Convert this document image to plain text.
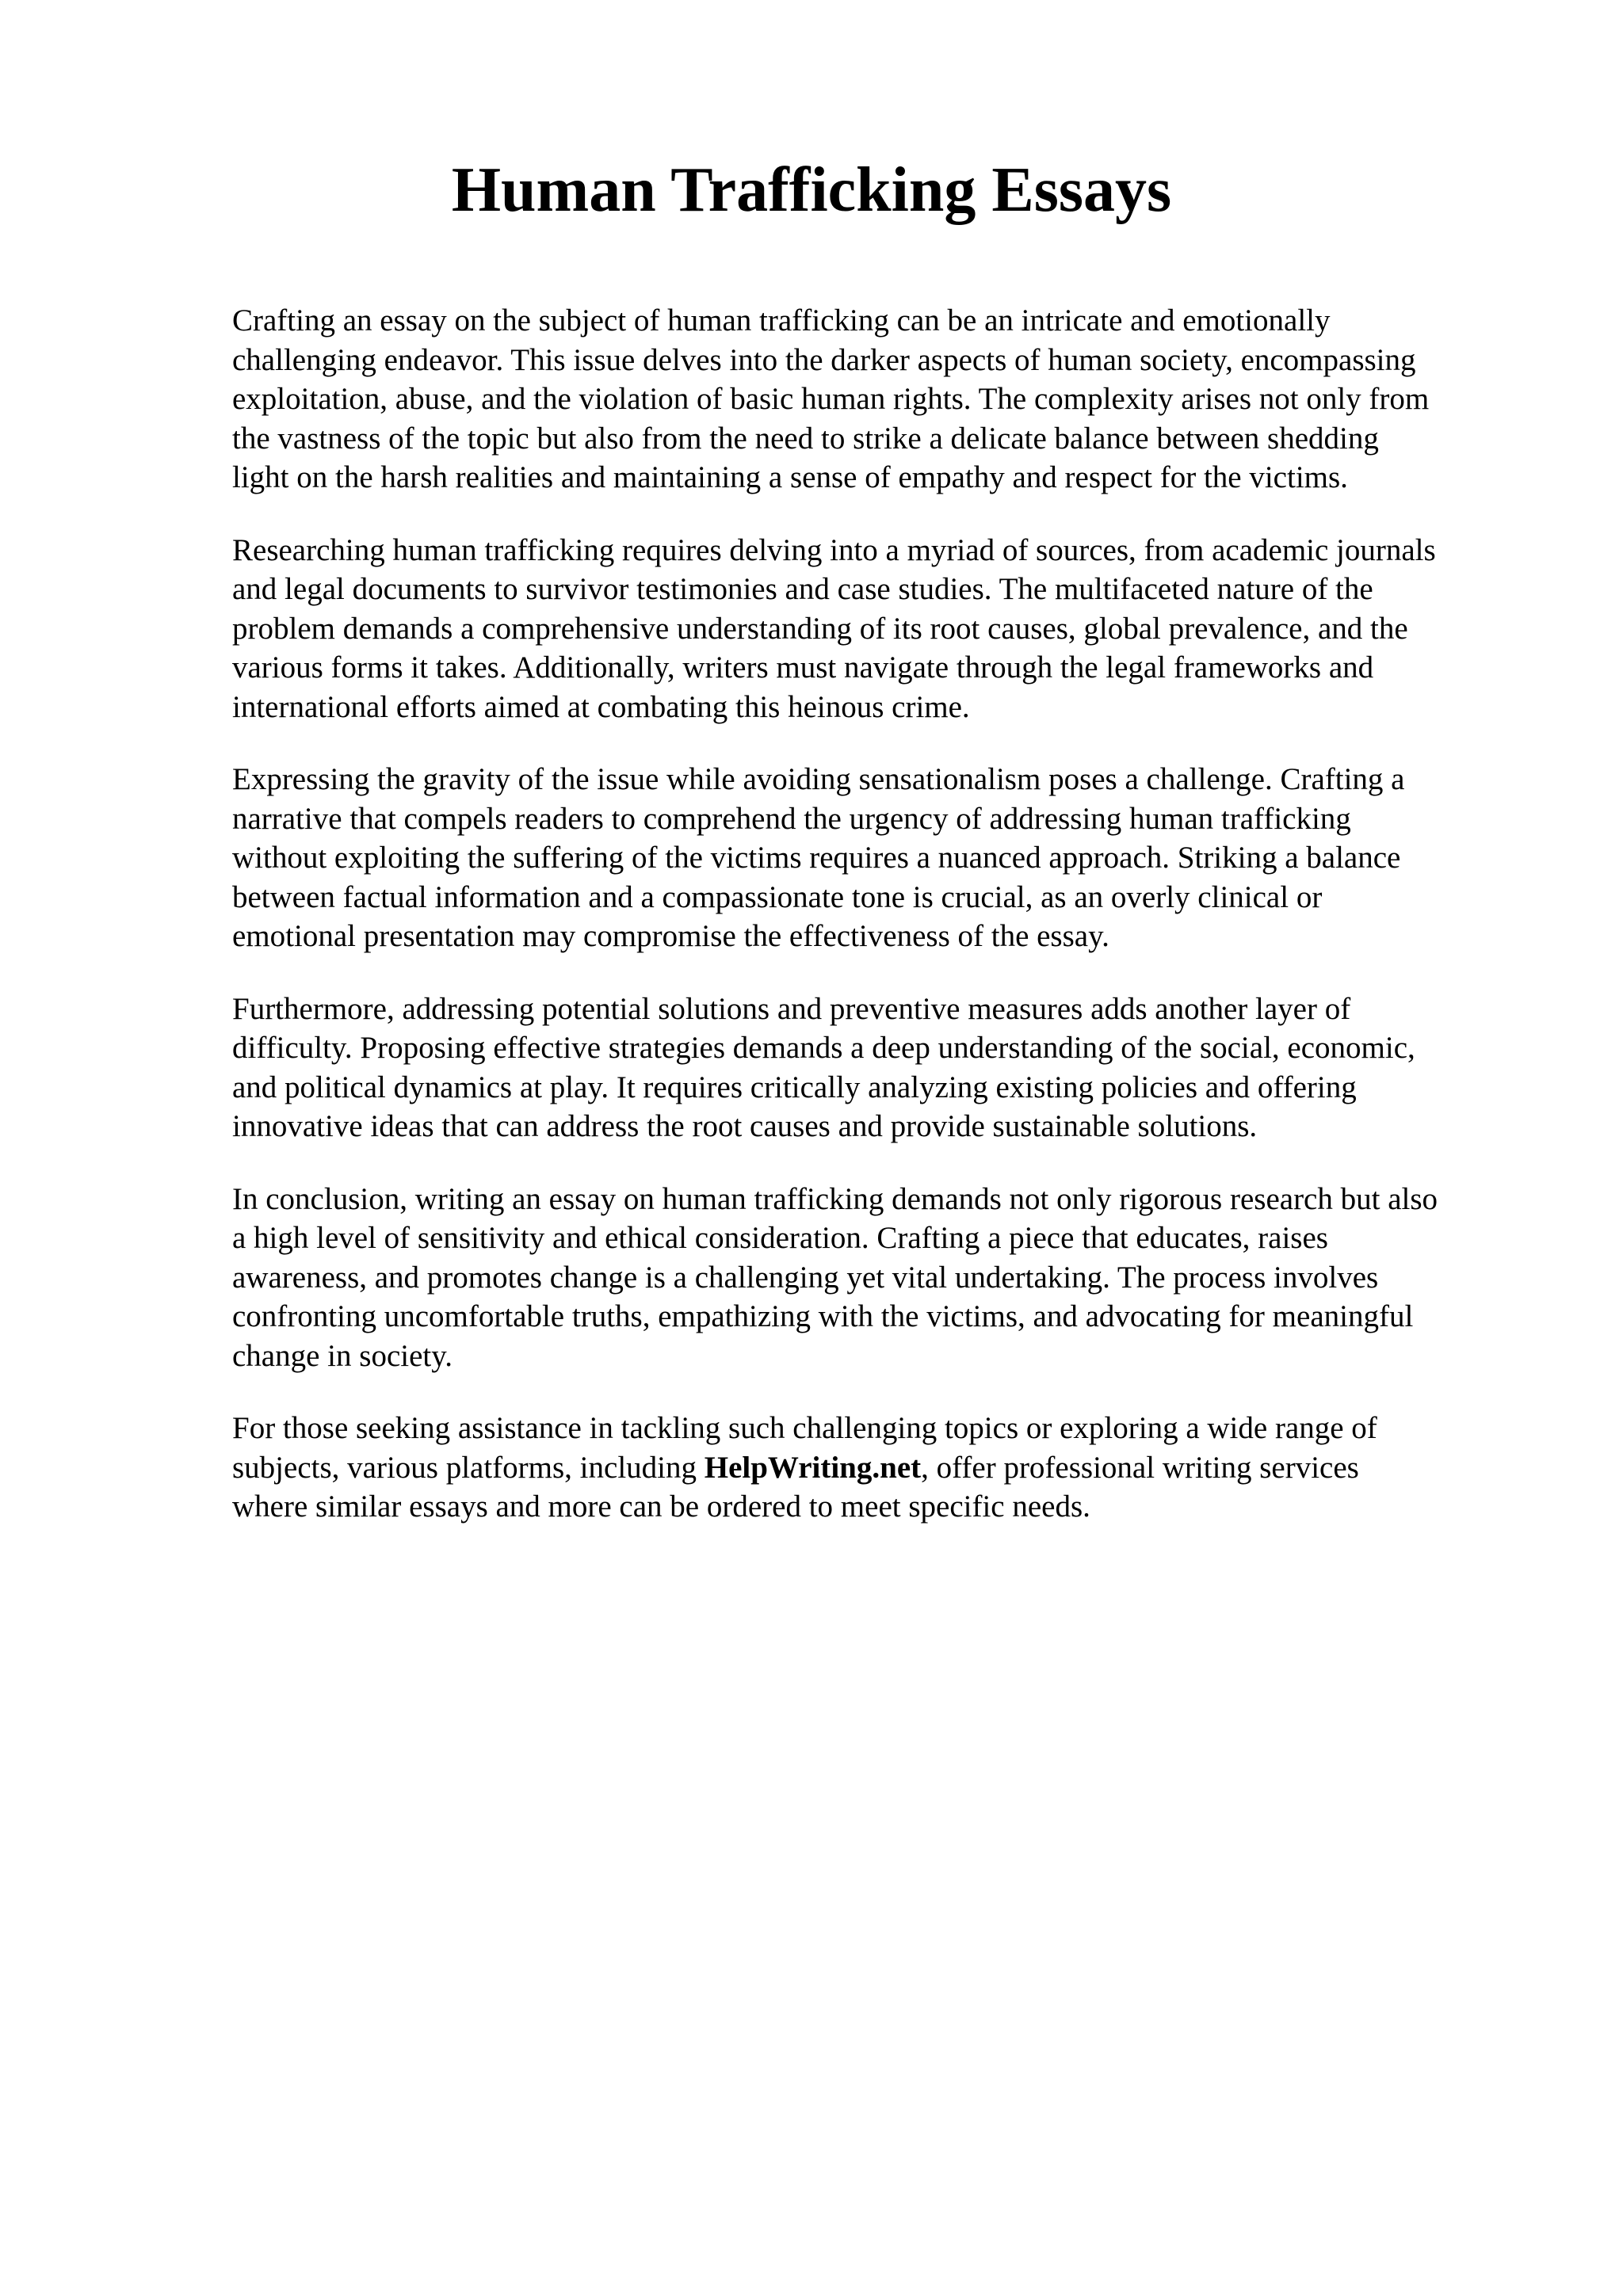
Human Trafficking Essays

Crafting an essay on the subject of human trafficking can be an intricate and emotionally
challenging endeavor. This issue delves into the darker aspects of human society, encompassing
exploitation, abuse, and the violation of basic human rights. The complexity arises not only from
the vastness of the topic but also from the need to strike a delicate balance between shedding
light on the harsh realities and maintaining a sense of empathy and respect for the victims.

Researching human trafficking requires delving into a myriad of sources, from academic journals
and legal documents to survivor testimonies and case studies. The multifaceted nature of the
problem demands a comprehensive understanding of its root causes, global prevalence, and the
various forms it takes. Additionally, writers must navigate through the legal frameworks and
international efforts aimed at combating this heinous crime.

Expressing the gravity of the issue while avoiding sensationalism poses a challenge. Crafting a
narrative that compels readers to comprehend the urgency of addressing human trafficking
without exploiting the suffering of the victims requires a nuanced approach. Striking a balance
between factual information and a compassionate tone is crucial, as an overly clinical or
emotional presentation may compromise the effectiveness of the essay.

Furthermore, addressing potential solutions and preventive measures adds another layer of
difficulty. Proposing effective strategies demands a deep understanding of the social, economic,
and political dynamics at play. It requires critically analyzing existing policies and offering
innovative ideas that can address the root causes and provide sustainable solutions.

In conclusion, writing an essay on human trafficking demands not only rigorous research but also
a high level of sensitivity and ethical consideration. Crafting a piece that educates, raises
awareness, and promotes change is a challenging yet vital undertaking. The process involves
confronting uncomfortable truths, empathizing with the victims, and advocating for meaningful
change in society.

For those seeking assistance in tackling such challenging topics or exploring a wide range of
subjects, various platforms, including HelpWriting.net, offer professional writing services
where similar essays and more can be ordered to meet specific needs.
